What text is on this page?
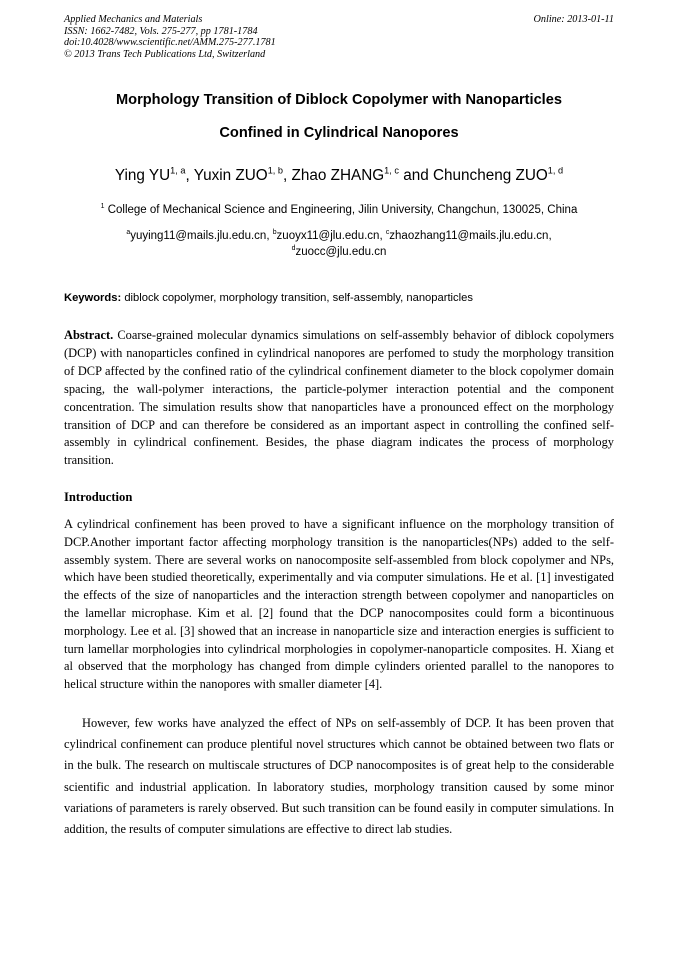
Applied Mechanics and Materials
ISSN: 1662-7482, Vols. 275-277, pp 1781-1784
doi:10.4028/www.scientific.net/AMM.275-277.1781
© 2013 Trans Tech Publications Ltd, Switzerland
Online: 2013-01-11
Morphology Transition of Diblock Copolymer with Nanoparticles
Confined in Cylindrical Nanopores
Ying YU$^{1, a}$, Yuxin ZUO$^{1, b}$, Zhao ZHANG$^{1, c}$ and Chuncheng ZUO$^{1, d}$
$^1$ College of Mechanical Science and Engineering, Jilin University, Changchun, 130025, China
$^a$yuying11@mails.jlu.edu.cn, $^b$zuoyx11@jlu.edu.cn, $^c$zhaozhang11@mails.jlu.edu.cn,
$^d$zuocc@jlu.edu.cn
Keywords: diblock copolymer, morphology transition, self-assembly, nanoparticles
Abstract. Coarse-grained molecular dynamics simulations on self-assembly behavior of diblock copolymers (DCP) with nanoparticles confined in cylindrical nanopores are perfomed to study the morphology transition of DCP affected by the confined ratio of the cylindrical confinement diameter to the block copolymer domain spacing, the wall-polymer interactions, the particle-polymer interaction potential and the component concentration. The simulation results show that nanoparticles have a pronounced effect on the morphology transition of DCP and can therefore be considered as an important aspect in controlling the confined self-assembly in cylindrical confinement. Besides, the phase diagram indicates the process of morphology transition.
Introduction

A cylindrical confinement has been proved to have a significant influence on the morphology transition of DCP.Another important factor affecting morphology transition is the nanoparticles(NPs) added to the self-assembly system. There are several works on nanocomposite self-assembled from block copolymer and NPs, which have been studied theoretically, experimentally and via computer simulations. He et al. [1] investigated the effects of the size of nanoparticles and the interaction strength between copolymer and nanoparticles on the lamellar microphase. Kim et al. [2] found that the DCP nanocomposites could form a bicontinuous morphology. Lee et al. [3] showed that an increase in nanoparticle size and interaction energies is sufficient to turn lamellar morphologies into cylindrical morphologies in copolymer-nanoparticle composites. H. Xiang et al observed that the morphology has changed from dimple cylinders oriented parallel to the nanopores to helical structure within the nanopores with smaller diameter [4].

However, few works have analyzed the effect of NPs on self-assembly of DCP. It has been proven that cylindrical confinement can produce plentiful novel structures which cannot be obtained between two flats or in the bulk. The research on multiscale structures of DCP nanocomposites is of great help to the considerable scientific and industrial application. In laboratory studies, morphology transition caused by some minor variations of parameters is rarely observed. But such transition can be found easily in computer simulations. In addition, the results of computer simulations are effective to direct lab studies.
